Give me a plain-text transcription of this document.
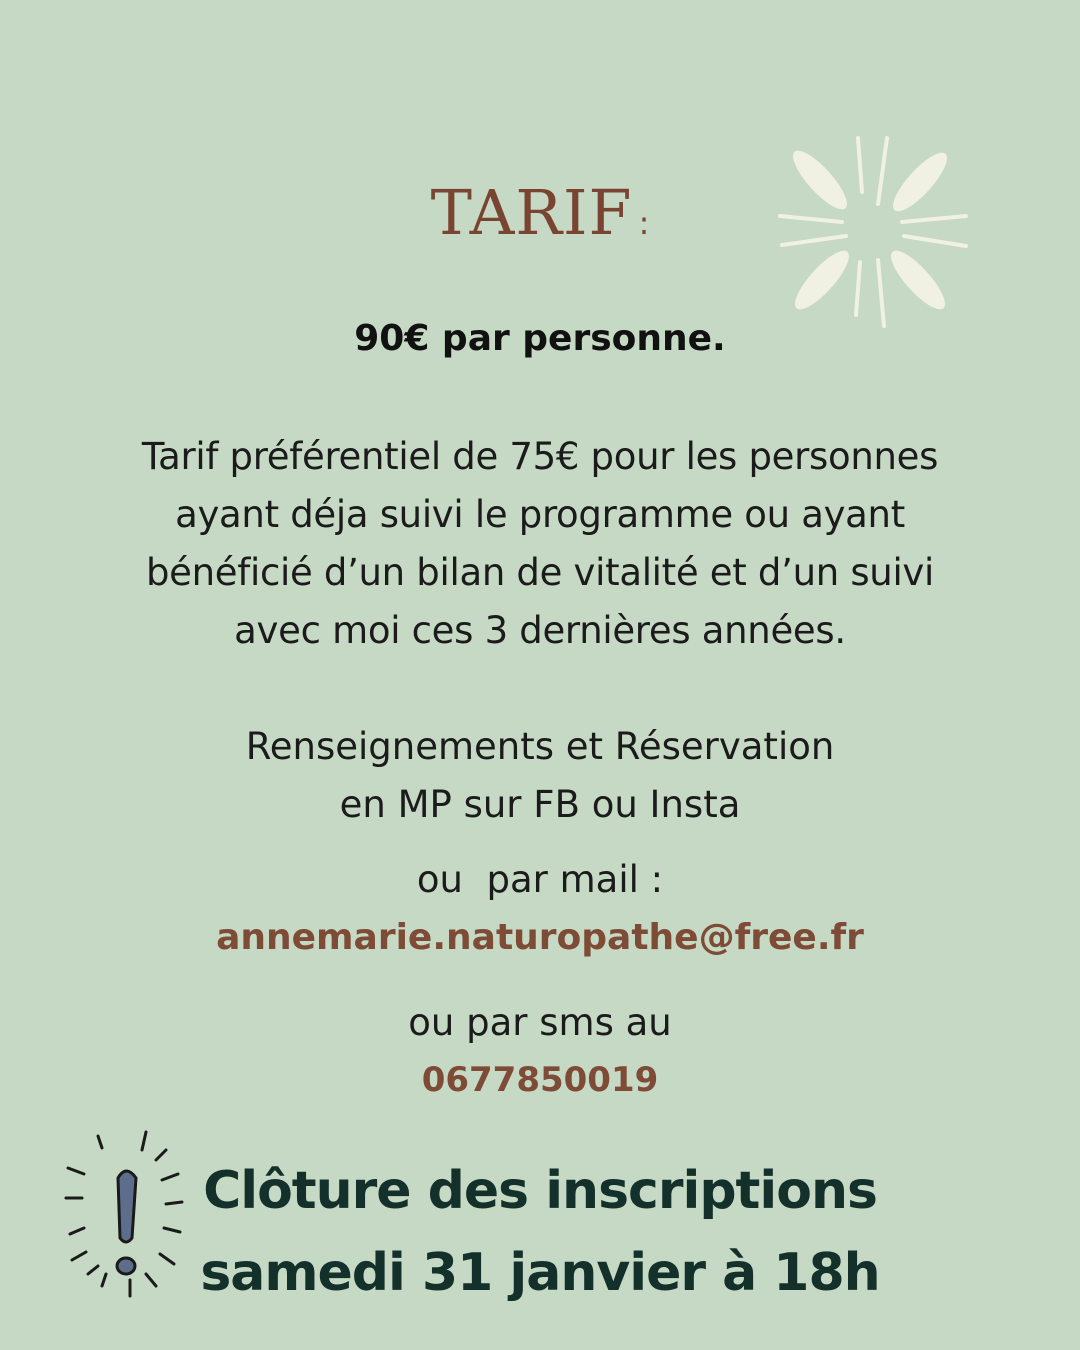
TARIF :
90€ par personne.
Tarif préférentiel de 75€ pour les personnes
ayant déja suivi le programme ou ayant
bénéficié d’un bilan de vitalité et d’un suivi
avec moi ces 3 dernières années.
Renseignements et Réservation
en MP sur FB ou Insta
ou  par mail :
annemarie.naturopathe@free.fr
ou par sms au
0677850019
Clôture des inscriptions
samedi 31 janvier à 18h
